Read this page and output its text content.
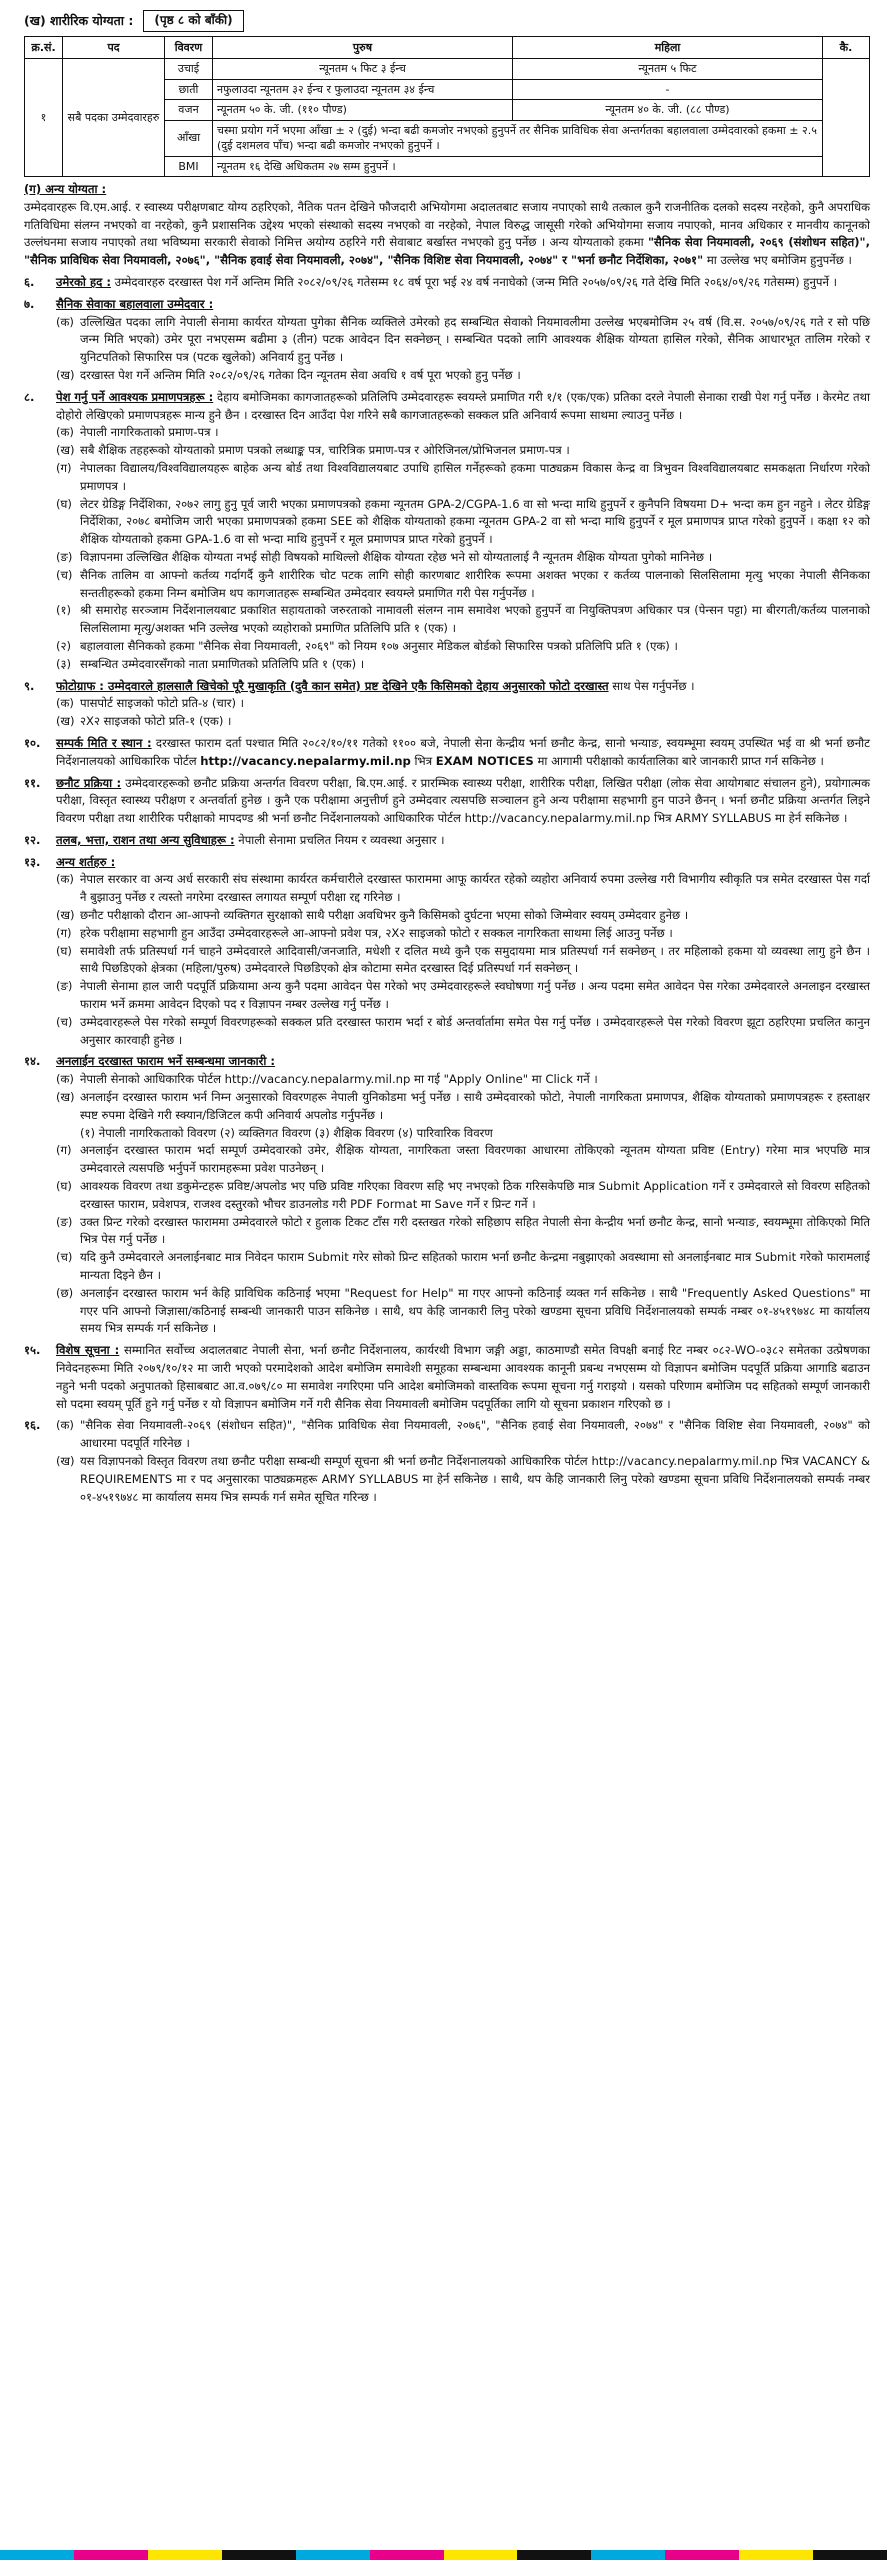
(ख) शारीरिक योग्यता :	(पृष्ठ ८ को बाँकी)
क्र.सं.	पद	विवरण	पुरुष	महिला	कै.
१	सबै पदका उम्मेदवारहरु	उचाई	न्यूनतम ५ फिट ३ ईन्च	न्यूनतम ५ फिट	
		छाती	नफुलाउदा न्यूनतम ३२ ईन्च र फुलाउदा न्यूनतम ३४ ईन्च	-	
		वजन	न्यूनतम ५० के. जी. (११० पौण्ड)	न्यूनतम ४० के. जी. (८८ पौण्ड)	
		आँखा	चस्मा प्रयोग गर्ने भएमा आँखा ± २ (दुई) भन्दा बढी कमजोर नभएको हुनुपर्ने तर सैनिक प्राविधिक सेवा अन्तर्गतका बहालवाला उम्मेदवारको हकमा ± २.५ (दुई दशमलव पाँच) भन्दा बढी कमजोर नभएको हुनुपर्ने ।		
		BMI	न्यूनतम १६ देखि अधिकतम २७ सम्म हुनुपर्ने ।		
(ग) अन्य योग्यता :

उम्मेदवारहरू वि.एम.आई. र स्वास्थ्य परीक्षणबाट योग्य ठहरिएको, नैतिक पतन देखिने फौजदारी अभियोगमा अदालतबाट सजाय नपाएको साथै तत्काल कुनै राजनीतिक दलको सदस्य नरहेको, कुनै अपराधिक गतिविधिमा संलग्न नभएको वा नरहेको, कुनै प्रशासनिक उद्देश्य भएको संस्थाको सदस्य नभएको वा नरहेको, नेपाल विरुद्ध जासूसी गरेको अभियोगमा सजाय नपाएको, मानव अधिकार र मानवीय कानूनको उल्लंघनमा सजाय नपाएको तथा भविष्यमा सरकारी सेवाको निमित्त अयोग्य ठहरिने गरी सेवाबाट बर्खास्त नभएको हुनु पर्नेछ । अन्य योग्यताको हकमा "सैनिक सेवा नियमावली, २०६९ (संशोधन सहित)", "सैनिक प्राविधिक सेवा नियमावली, २०७६", "सैनिक हवाई सेवा नियमावली, २०७४", "सैनिक विशिष्ट सेवा नियमावली, २०७४" र "भर्ना छनौट निर्देशिका, २०७१" मा उल्लेख भए बमोजिम हुनुपर्नेछ ।

६.	उमेरको हद : उम्मेदवारहरु दरखास्त पेश गर्ने अन्तिम मिति २०८२/०९/२६ गतेसम्म १८ वर्ष पूरा भई २४ वर्ष ननाघेको (जन्म मिति २०५७/०९/२६ गते देखि मिति २०६४/०९/२६ गतेसम्म) हुनुपर्ने ।
७.	सैनिक सेवाका बहालवाला उम्मेदवार :
(क) उल्लिखित पदका लागि नेपाली सेनामा कार्यरत योग्यता पुगेका सैनिक व्यक्तिले उमेरको हद सम्बन्धित सेवाको नियमावलीमा उल्लेख भएबमोजिम २५ वर्ष (वि.स. २०५७/०९/२६ गते र सो पछि जन्म मिति भएको) उमेर पूरा नभएसम्म बढीमा ३ (तीन) पटक आवेदन दिन सक्नेछन् । सम्बन्धित पदको लागि आवश्यक शैक्षिक योग्यता हासिल गरेको, सैनिक आधारभूत तालिम गरेको र युनिटपतिको सिफारिस पत्र (पटक खुलेको) अनिवार्य हुनु पर्नेछ ।
(ख) दरखास्त पेश गर्ने अन्तिम मिति २०८२/०९/२६ गतेका दिन न्यूनतम सेवा अवधि १ वर्ष पूरा भएको हुनु पर्नेछ ।
८.	पेश गर्नु पर्ने आवश्यक प्रमाणपत्रहरू : देहाय बमोजिमका कागजातहरूको प्रतिलिपि उम्मेदवारहरू स्वयम्ले प्रमाणित गरी १/१ (एक/एक) प्रतिका दरले नेपाली सेनाका राखी पेश गर्नु पर्नेछ । केरमेट तथा दोहोरो लेखिएको प्रमाणपत्रहरू मान्य हुने छैन । दरखास्त दिन आउँदा पेश गरिने सबै कागजातहरूको सक्कल प्रति अनिवार्य रूपमा साथमा ल्याउनु पर्नेछ ।
(क) नेपाली नागरिकताको प्रमाण-पत्र ।
(ख) सबै शैक्षिक तहहरूको योग्यताको प्रमाण पत्रको लब्धाङ्क पत्र, चारित्रिक प्रमाण-पत्र र ओरिजिनल/प्रोभिजनल प्रमाण-पत्र ।
(ग) नेपालका विद्यालय/विश्वविद्यालयहरू बाहेक अन्य बोर्ड तथा विश्वविद्यालयबाट उपाधि हासिल गर्नेहरूको हकमा पाठ्यक्रम विकास केन्द्र वा त्रिभुवन विश्वविद्यालयबाट समकक्षता निर्धारण गरेको प्रमाणपत्र ।
(घ) लेटर ग्रेडिङ्ग निर्देशिका, २०७२ लागु हुनु पूर्व जारी भएका प्रमाणपत्रको हकमा न्यूनतम GPA-2/CGPA-1.6 वा सो भन्दा माथि हुनुपर्ने र कुनैपनि विषयमा D+ भन्दा कम हुन नहुने । लेटर ग्रेडिङ्ग निर्देशिका, २०७८ बमोजिम जारी भएका प्रमाणपत्रको हकमा SEE को शैक्षिक योग्यताको हकमा न्यूनतम GPA-2 वा सो भन्दा माथि हुनुपर्ने र मूल प्रमाणपत्र प्राप्त गरेको हुनुपर्ने । कक्षा १२ को शैक्षिक योग्यताको हकमा GPA-1.6 वा सो भन्दा माथि हुनुपर्ने र मूल प्रमाणपत्र प्राप्त गरेको हुनुपर्ने ।
(ङ) विज्ञापनमा उल्लिखित शैक्षिक योग्यता नभई सोही विषयको माथिल्लो शैक्षिक योग्यता रहेछ भने सो योग्यतालाई नै न्यूनतम शैक्षिक योग्यता पुगेको मानिनेछ ।
(च) सैनिक तालिम वा आफ्नो कर्तव्य गर्दागर्दै कुनै शारीरिक चोट पटक लागि सोही कारणबाट शारीरिक रूपमा अशक्त भएका र कर्तव्य पालनाको सिलसिलामा मृत्यु भएका नेपाली सैनिकका सन्ततीहरूको हकमा निम्न बमोजिम थप कागजातहरू सम्बन्धित उम्मेदवार स्वयम्ले प्रमाणित गरी पेस गर्नुपर्नेछ ।
(१) श्री समारोह सरञ्जाम निर्देशनालयबाट प्रकाशित सहायताको जरुरताको नामावली संलग्न नाम समावेश भएको हुनुपर्ने वा नियुक्तिपत्रण अधिकार पत्र (पेन्सन पट्टा) मा बीरगती/कर्तव्य पालनाको सिलसिलामा मृत्यु/अशक्त भनि उल्लेख भएको व्यहोराको प्रमाणित प्रतिलिपि प्रति १ (एक) ।
(२) बहालवाला सैनिकको हकमा "सैनिक सेवा नियमावली, २०६९" को नियम १०७ अनुसार मेडिकल बोर्डको सिफारिस पत्रको प्रतिलिपि प्रति १ (एक) ।
(३) सम्बन्धित उम्मेदवारसँगको नाता प्रमाणितको प्रतिलिपि प्रति १ (एक) ।
९.	फोटोग्राफ : उम्मेदवारले हालसालै खिचेको पूरै मुखाकृति (दुवै कान समेत) प्रष्ट देखिने एकै किसिमको देहाय अनुसारको फोटो दरखास्त साथ पेस गर्नुपर्नेछ ।
(क) पासपोर्ट साइजको फोटो प्रति-४ (चार) ।
(ख) २X२ साइजको फोटो प्रति-१ (एक) ।
१०.	सम्पर्क मिति र स्थान : दरखास्त फाराम दर्ता पश्चात मिति २०८२/१०/११ गतेको ११०० बजे, नेपाली सेना केन्द्रीय भर्ना छनौट केन्द्र, सानो भन्याङ, स्वयम्भूमा स्वयम् उपस्थित भई वा श्री भर्ना छनौट निर्देशनालयको आधिकारिक पोर्टल http://vacancy.nepalarmy.mil.np भित्र EXAM NOTICES मा आगामी परीक्षाको कार्यतालिका बारे जानकारी प्राप्त गर्न सकिनेछ ।
११.	छनौट प्रक्रिया : उम्मेदवारहरूको छनौट प्रक्रिया अन्तर्गत विवरण परीक्षा, बि.एम.आई. र प्रारम्भिक स्वास्थ्य परीक्षा, शारीरिक परीक्षा, लिखित परीक्षा (लोक सेवा आयोगबाट संचालन हुने), प्रयोगात्मक परीक्षा, विस्तृत स्वास्थ्य परीक्षण र अन्तर्वार्ता हुनेछ । कुनै एक परीक्षामा अनुत्तीर्ण हुने उम्मेदवार त्यसपछि सञ्चालन हुने अन्य परीक्षामा सहभागी हुन पाउने छैनन् । भर्ना छनौट प्रक्रिया अन्तर्गत लिइने विवरण परीक्षा तथा शारीरिक परीक्षाको मापदण्ड श्री भर्ना छनौट निर्देशनालयको आधिकारिक पोर्टल http://vacancy.nepalarmy.mil.np भित्र ARMY SYLLABUS मा हेर्न सकिनेछ ।
१२.	तलब, भत्ता, राशन तथा अन्य सुविधाहरू : नेपाली सेनामा प्रचलित नियम र व्यवस्था अनुसार ।
१३.	अन्य शर्तहरु :
(क) नेपाल सरकार वा अन्य अर्ध सरकारी संघ संस्थामा कार्यरत कर्मचारीले दरखास्त फाराममा आफू कार्यरत रहेको व्यहोरा अनिवार्य रुपमा उल्लेख गरी विभागीय स्वीकृति पत्र समेत दरखास्त पेस गर्दा नै बुझाउनु पर्नेछ र त्यस्तो नगरेमा दरखास्त लगायत सम्पूर्ण परीक्षा रद्द गरिनेछ ।
(ख) छनौट परीक्षाको दौरान आ-आफ्नो व्यक्तिगत सुरक्षाको साथै परीक्षा अवधिभर कुनै किसिमको दुर्घटना भएमा सोको जिम्मेवार स्वयम् उम्मेदवार हुनेछ ।
(ग) हरेक परीक्षामा सहभागी हुन आउँदा उम्मेदवारहरूले आ-आफ्नो प्रवेश पत्र, २X२ साइजको फोटो र सक्कल नागरिकता साथमा लिई आउनु पर्नेछ ।
(घ) समावेशी तर्फ प्रतिस्पर्धा गर्न चाहने उम्मेदवारले आदिवासी/जनजाति, मधेशी र दलित मध्ये कुनै एक समुदायमा मात्र प्रतिस्पर्धा गर्न सक्नेछन् । तर महिलाको हकमा यो व्यवस्था लागु हुने छैन । साथै पिछडिएको क्षेत्रका (महिला/पुरुष) उम्मेदवारले पिछडिएको क्षेत्र कोटामा समेत दरखास्त दिई प्रतिस्पर्धा गर्न सक्नेछन् ।
(ङ) नेपाली सेनामा हाल जारी पदपूर्ति प्रक्रियामा अन्य कुनै पदमा आवेदन पेस गरेको भए उम्मेदवारहरूले स्वघोषणा गर्नु पर्नेछ । अन्य पदमा समेत आवेदन पेस गरेका उम्मेदवारले अनलाइन दरखास्त फाराम भर्ने क्रममा आवेदन दिएको पद र विज्ञापन नम्बर उल्लेख गर्नु पर्नेछ ।
(च) उम्मेदवारहरूले पेस गरेको सम्पूर्ण विवरणहरूको सक्कल प्रति दरखास्त फाराम भर्दा र बोर्ड अन्तर्वार्तामा समेत पेस गर्नु पर्नेछ । उम्मेदवारहरूले पेस गरेको विवरण झूटा ठहरिएमा प्रचलित कानुन अनुसार कारवाही हुनेछ ।
१४.	अनलाईन दरखास्त फाराम भर्ने सम्बन्धमा जानकारी :
(क) नेपाली सेनाको आधिकारिक पोर्टल http://vacancy.nepalarmy.mil.np मा गई "Apply Online" मा Click गर्ने ।
(ख) अनलाईन दरखास्त फाराम भर्न निम्न अनुसारको विवरणहरू नेपाली युनिकोडमा भर्नु पर्नेछ । साथै उम्मेदवारको फोटो, नेपाली नागरिकता प्रमाणपत्र, शैक्षिक योग्यताको प्रमाणपत्रहरू र हस्ताक्षर स्पष्ट रुपमा देखिने गरी स्क्यान/डिजिटल कपी अनिवार्य अपलोड गर्नुपर्नेछ ।
(१) नेपाली नागरिकताको विवरण (२) व्यक्तिगत विवरण (३) शैक्षिक विवरण (४) पारिवारिक विवरण
(ग) अनलाईन दरखास्त फाराम भर्दा सम्पूर्ण उम्मेदवारको उमेर, शैक्षिक योग्यता, नागरिकता जस्ता विवरणका आधारमा तोकिएको न्यूनतम योग्यता प्रविष्ट (Entry) गरेमा मात्र भएपछि मात्र उम्मेदवारले त्यसपछि भर्नुपर्ने फारामहरूमा प्रवेश पाउनेछन् ।
(घ) आवश्यक विवरण तथा डकुमेन्टहरू प्रविष्ट/अपलोड भए पछि प्रविष्ट गरिएका विवरण सहि भए नभएको ठिक गरिसकेपछि मात्र Submit Application गर्ने र उम्मेदवारले सो विवरण सहितको दरखास्त फाराम, प्रवेशपत्र, राजश्व दस्तुरको भौचर डाउनलोड गरी PDF Format मा Save गर्ने र प्रिन्ट गर्ने ।
(ङ) उक्त प्रिन्ट गरेको दरखास्त फाराममा उम्मेदवारले फोटो र हुलाक टिकट टाँस गरी दस्तखत गरेको सहिछाप सहित नेपाली सेना केन्द्रीय भर्ना छनौट केन्द्र, सानो भन्याङ, स्वयम्भूमा तोकिएको मिति भित्र पेस गर्नु पर्नेछ ।
(च) यदि कुनै उम्मेदवारले अनलाईनबाट मात्र निवेदन फाराम Submit गरेर सोको प्रिन्ट सहितको फाराम भर्ना छनौट केन्द्रमा नबुझाएको अवस्थामा सो अनलाईनबाट मात्र Submit गरेको फारामलाई मान्यता दिइने छैन ।
(छ) अनलाईन दरखास्त फाराम भर्न केहि प्राविधिक कठिनाई भएमा "Request for Help" मा गएर आफ्नो कठिनाई व्यक्त गर्न सकिनेछ । साथै "Frequently Asked Questions" मा गएर पनि आफ्नो जिज्ञासा/कठिनाई सम्बन्धी जानकारी पाउन सकिनेछ । साथै, थप केहि जानकारी लिनु परेको खण्डमा सूचना प्रविधि निर्देशनालयको सम्पर्क नम्बर ०१-४५१९७४८ मा कार्यालय समय भित्र सम्पर्क गर्न सकिनेछ ।
१५.	विशेष सूचना : सम्मानित सर्वोच्च अदालतबाट नेपाली सेना, भर्ना छनौट निर्देशनालय, कार्यरथी विभाग जङ्गी अड्डा, काठमाण्डौ समेत विपक्षी बनाई रिट नम्बर ०८२-WO-०३८२ समेतका उत्प्रेषणका निवेदनहरूमा मिति २०७९/१०/१२ मा जारी भएको परमादेशको आदेश बमोजिम समावेशी समूहका सम्बन्धमा आवश्यक कानूनी प्रबन्ध नभएसम्म यो विज्ञापन बमोजिम पदपूर्ति प्रक्रिया आगाडि बढाउन नहुने भनी पदको अनुपातको हिसाबबाट आ.व.०७९/८० मा समावेश नगरिएमा पनि आदेश बमोजिमको वास्तविक रूपमा सूचना गर्नु गराइयो । यसको परिणाम बमोजिम पद सहितको सम्पूर्ण जानकारी सो पदमा स्वयम् पूर्ति हुने गर्नु पर्नेछ र यो विज्ञापन बमोजिम गर्ने गरी सैनिक सेवा नियमावली बमोजिम पदपूर्तिका लागि यो सूचना प्रकाशन गरिएको छ ।
१६.	(क) "सैनिक सेवा नियमावली-२०६९ (संशोधन सहित)", "सैनिक प्राविधिक सेवा नियमावली, २०७६", "सैनिक हवाई सेवा नियमावली, २०७४" र "सैनिक विशिष्ट सेवा नियमावली, २०७४" को आधारमा पदपूर्ति गरिनेछ ।
(ख) यस विज्ञापनको विस्तृत विवरण तथा छनौट परीक्षा सम्बन्धी सम्पूर्ण सूचना श्री भर्ना छनौट निर्देशनालयको आधिकारिक पोर्टल http://vacancy.nepalarmy.mil.np भित्र VACANCY & REQUIREMENTS मा र पद अनुसारका पाठ्यक्रमहरू ARMY SYLLABUS मा हेर्न सकिनेछ । साथै, थप केहि जानकारी लिनु परेको खण्डमा सूचना प्रविधि निर्देशनालयको सम्पर्क नम्बर ०१-४५१९७४८ मा कार्यालय समय भित्र सम्पर्क गर्न समेत सूचित गरिन्छ ।
